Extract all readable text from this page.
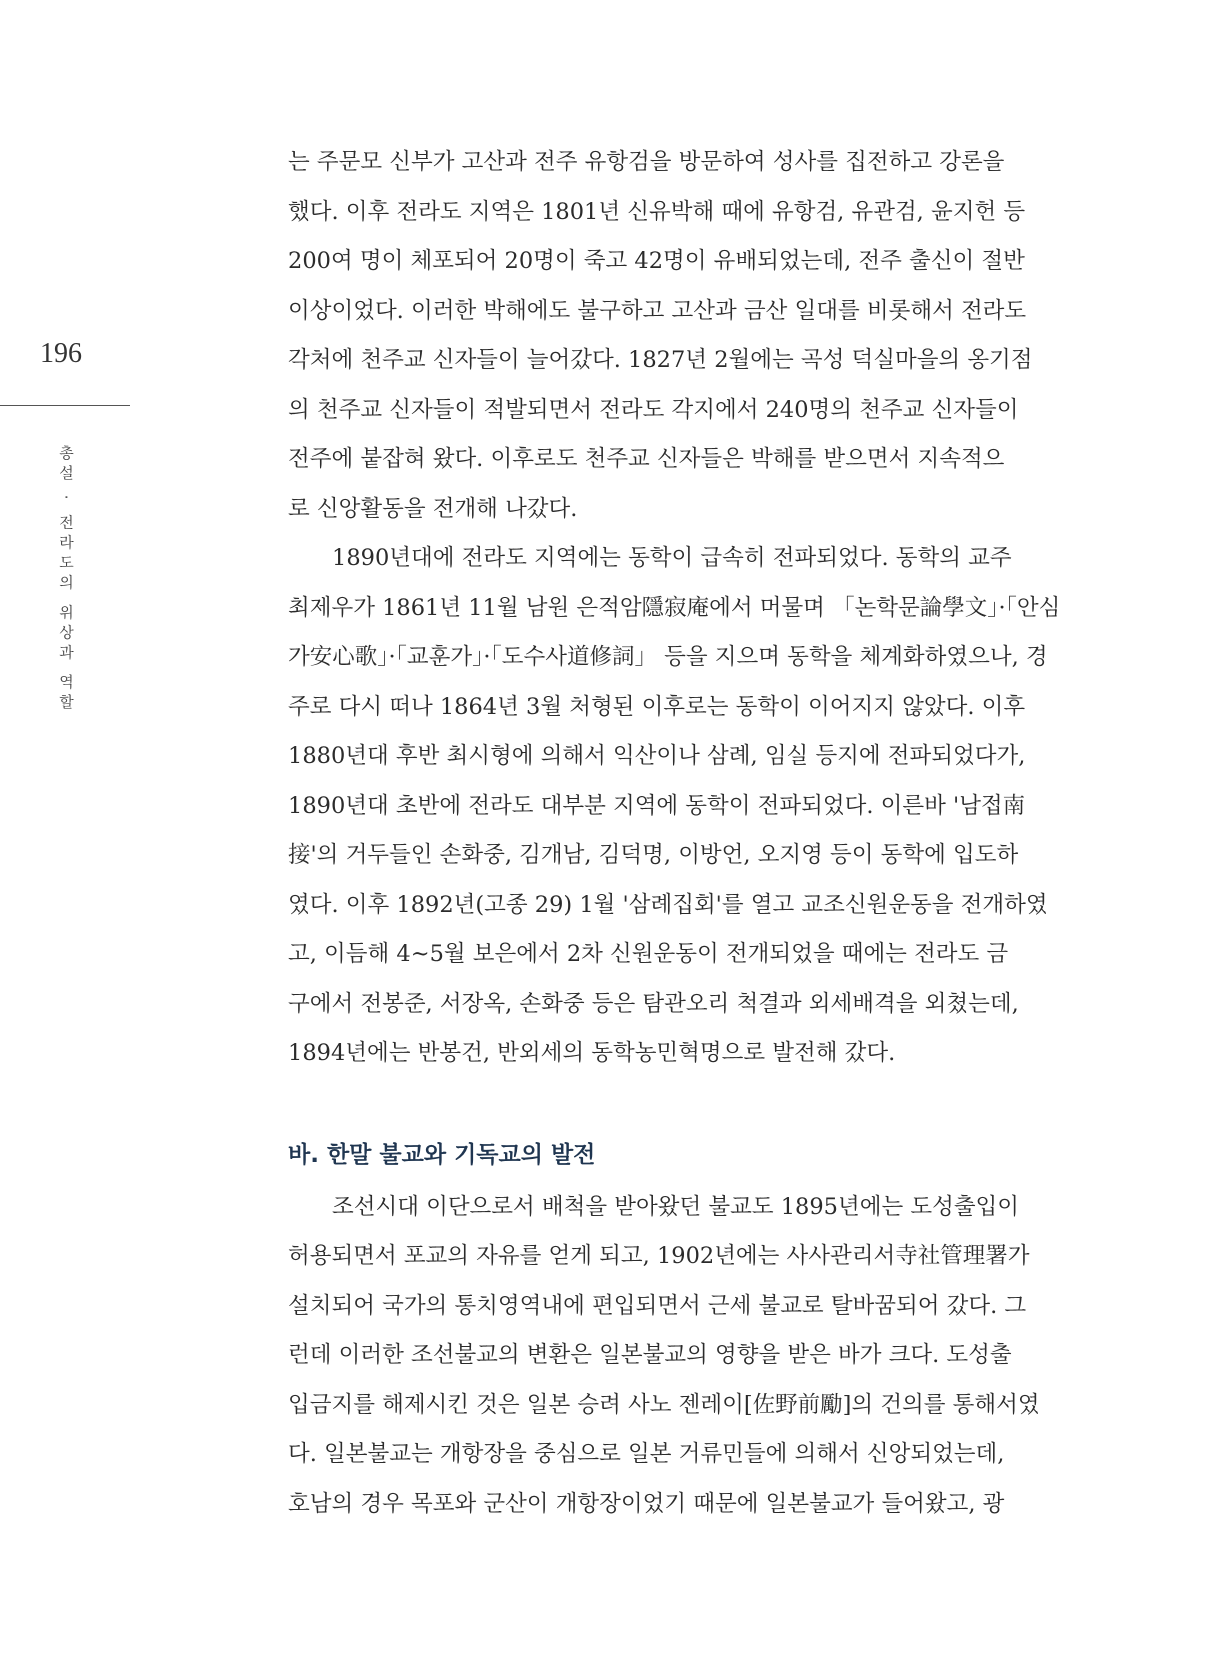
196
총설 · 전라도의 위상과 역할
는 주문모 신부가 고산과 전주 유항검을 방문하여 성사를 집전하고 강론을
했다. 이후 전라도 지역은 1801년 신유박해 때에 유항검, 유관검, 윤지헌 등
200여 명이 체포되어 20명이 죽고 42명이 유배되었는데, 전주 출신이 절반
이상이었다. 이러한 박해에도 불구하고 고산과 금산 일대를 비롯해서 전라도
각처에 천주교 신자들이 늘어갔다. 1827년 2월에는 곡성 덕실마을의 옹기점
의 천주교 신자들이 적발되면서 전라도 각지에서 240명의 천주교 신자들이
전주에 붙잡혀 왔다. 이후로도 천주교 신자들은 박해를 받으면서 지속적으
로 신앙활동을 전개해 나갔다.
1890년대에 전라도 지역에는 동학이 급속히 전파되었다. 동학의 교주
최제우가 1861년 11월 남원 은적암隱寂庵에서 머물며 「논학문論學文」·「안심
가安心歌」·「교훈가」·「도수사道修詞」 등을 지으며 동학을 체계화하였으나, 경
주로 다시 떠나 1864년 3월 처형된 이후로는 동학이 이어지지 않았다. 이후
1880년대 후반 최시형에 의해서 익산이나 삼례, 임실 등지에 전파되었다가,
1890년대 초반에 전라도 대부분 지역에 동학이 전파되었다. 이른바 '남접南
接'의 거두들인 손화중, 김개남, 김덕명, 이방언, 오지영 등이 동학에 입도하
였다. 이후 1892년(고종 29) 1월 '삼례집회'를 열고 교조신원운동을 전개하였
고, 이듬해 4~5월 보은에서 2차 신원운동이 전개되었을 때에는 전라도 금
구에서 전봉준, 서장옥, 손화중 등은 탐관오리 척결과 외세배격을 외쳤는데,
1894년에는 반봉건, 반외세의 동학농민혁명으로 발전해 갔다.
바. 한말 불교와 기독교의 발전
조선시대 이단으로서 배척을 받아왔던 불교도 1895년에는 도성출입이
허용되면서 포교의 자유를 얻게 되고, 1902년에는 사사관리서寺社管理署가
설치되어 국가의 통치영역내에 편입되면서 근세 불교로 탈바꿈되어 갔다. 그
런데 이러한 조선불교의 변환은 일본불교의 영향을 받은 바가 크다. 도성출
입금지를 해제시킨 것은 일본 승려 사노 젠레이[佐野前勵]의 건의를 통해서였
다. 일본불교는 개항장을 중심으로 일본 거류민들에 의해서 신앙되었는데,
호남의 경우 목포와 군산이 개항장이었기 때문에 일본불교가 들어왔고, 광
